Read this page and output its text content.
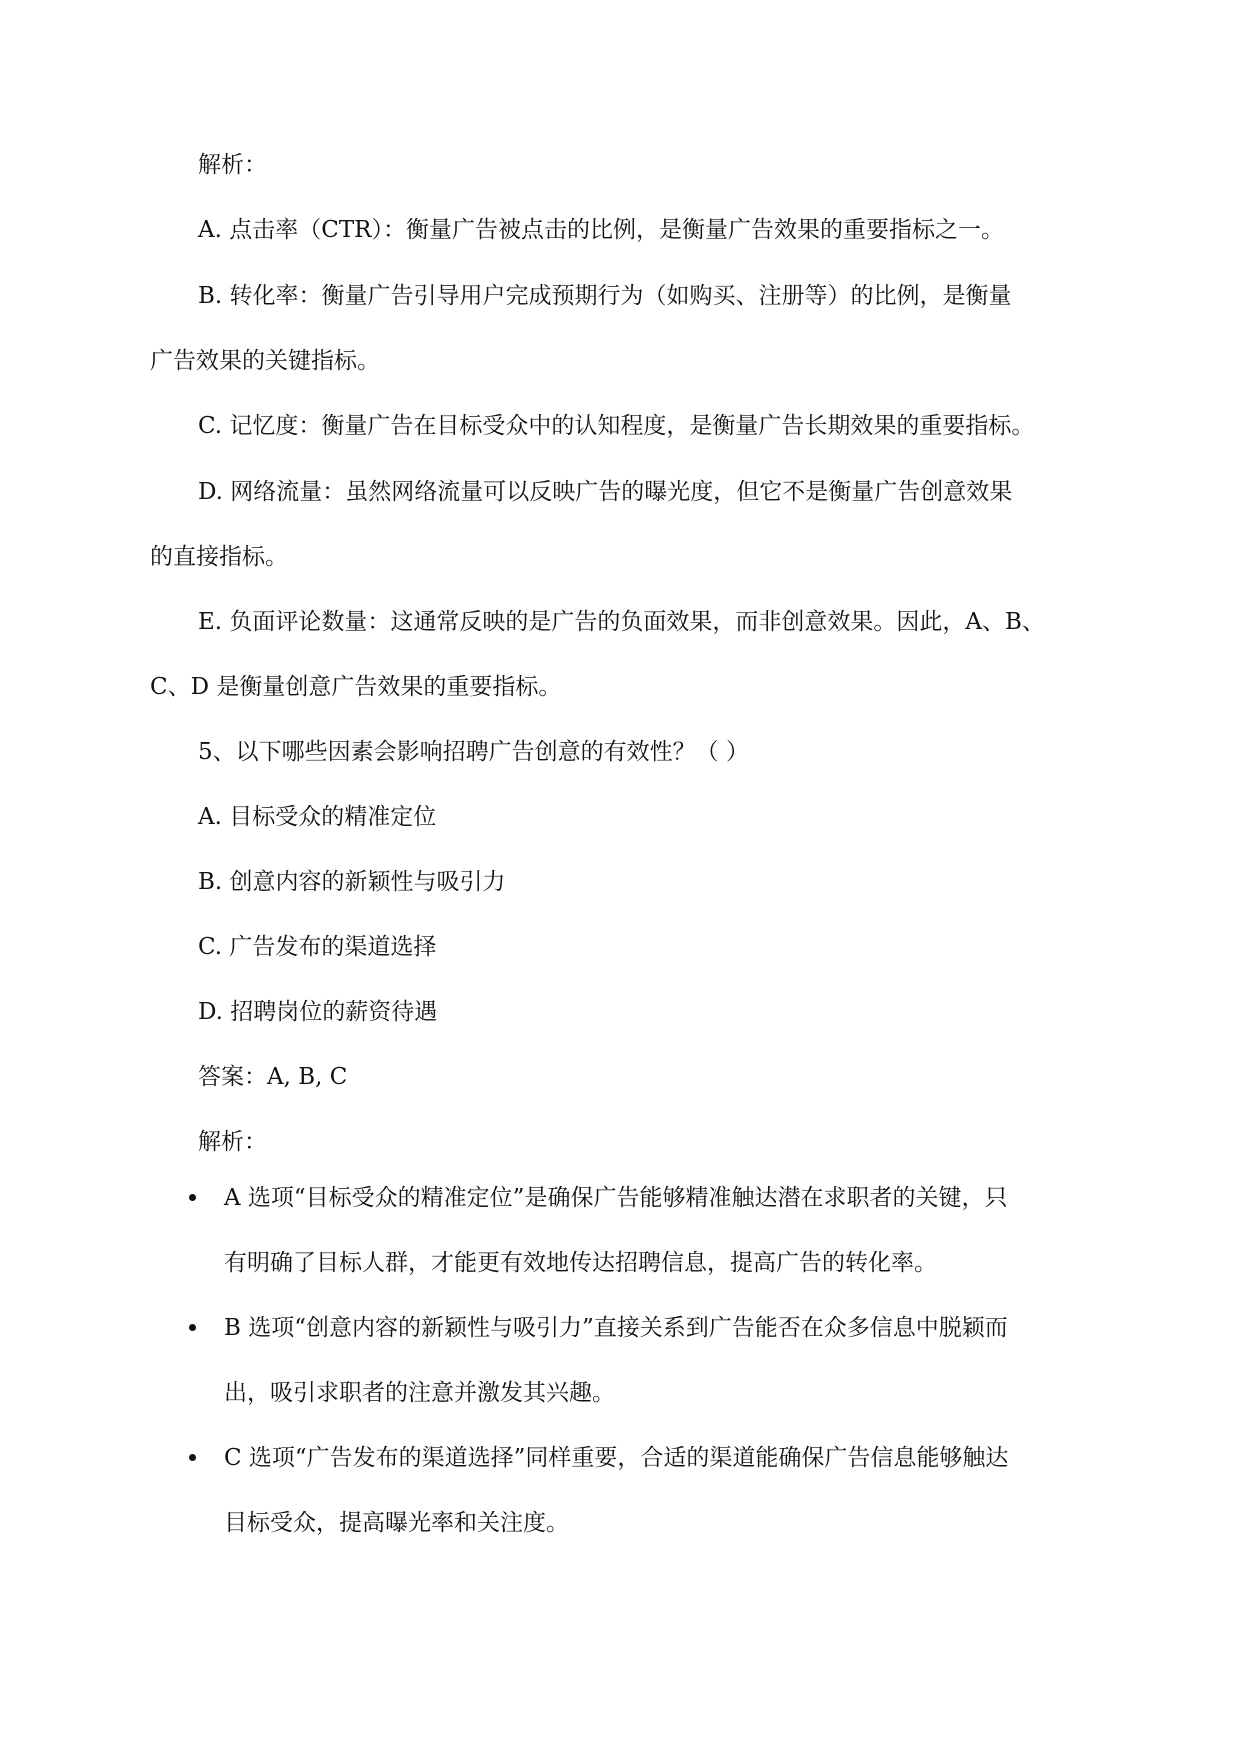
解析：
A. 点击率（CTR）：衡量广告被点击的比例，是衡量广告效果的重要指标之一。
B. 转化率：衡量广告引导用户完成预期行为（如购买、注册等）的比例，是衡量
广告效果的关键指标。
C. 记忆度：衡量广告在目标受众中的认知程度，是衡量广告长期效果的重要指标。
D. 网络流量：虽然网络流量可以反映广告的曝光度，但它不是衡量广告创意效果
的直接指标。
E. 负面评论数量：这通常反映的是广告的负面效果，而非创意效果。因此，A、B、
C、D 是衡量创意广告效果的重要指标。
5、以下哪些因素会影响招聘广告创意的有效性？（ ）
A. 目标受众的精准定位
B. 创意内容的新颖性与吸引力
C. 广告发布的渠道选择
D. 招聘岗位的薪资待遇
答案：A, B, C
解析：
A 选项“目标受众的精准定位”是确保广告能够精准触达潜在求职者的关键，只
有明确了目标人群，才能更有效地传达招聘信息，提高广告的转化率。
B 选项“创意内容的新颖性与吸引力”直接关系到广告能否在众多信息中脱颖而
出，吸引求职者的注意并激发其兴趣。
C 选项“广告发布的渠道选择”同样重要，合适的渠道能确保广告信息能够触达
目标受众，提高曝光率和关注度。
